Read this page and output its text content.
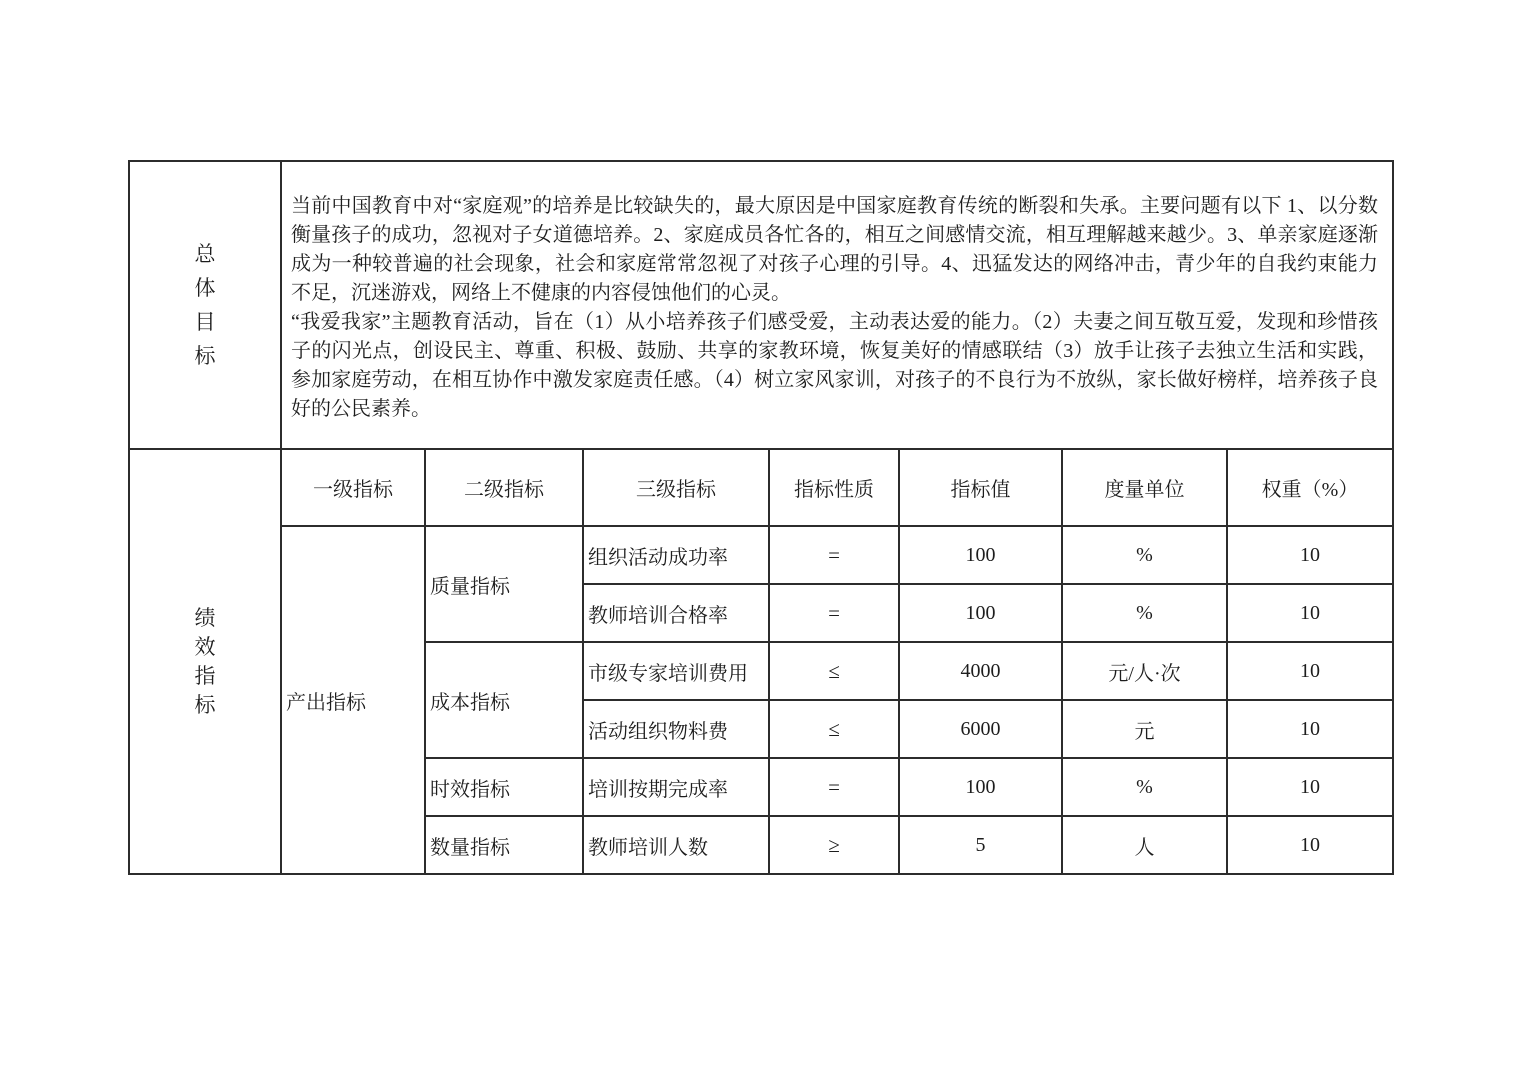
总
体
目
标

当前中国教育中对“家庭观”的培养是比较缺失的，最大原因是中国家庭教育传统的断裂和失承。主要问题有以下 1、以分数衡量孩子的成功，忽视对子女道德培养。2、家庭成员各忙各的，相互之间感情交流，相互理解越来越少。3、单亲家庭逐渐成为一种较普遍的社会现象，社会和家庭常常忽视了对孩子心理的引导。4、迅猛发达的网络冲击，青少年的自我约束能力不足，沉迷游戏，网络上不健康的内容侵蚀他们的心灵。

“我爱我家”主题教育活动，旨在（1）从小培养孩子们感受爱，主动表达爱的能力。（2）夫妻之间互敬互爱，发现和珍惜孩子的闪光点，创设民主、尊重、积极、鼓励、共享的家教环境，恢复美好的情感联结（3）放手让孩子去独立生活和实践，参加家庭劳动，在相互协作中激发家庭责任感。（4）树立家风家训，对孩子的不良行为不放纵，家长做好榜样，培养孩子良好的公民素养。

绩
效
指
标	一级指标	二级指标	三级指标	指标性质	指标值	度量单位	权重（%）
	产出指标	质量指标	组织活动成功率	=	100	%	10
			教师培训合格率	=	100	%	10
		成本指标	市级专家培训费用	≤	4000	元/人·次	10
			活动组织物料费	≤	6000	元	10
		时效指标	培训按期完成率	=	100	%	10
		数量指标	教师培训人数	≥	5	人	10
